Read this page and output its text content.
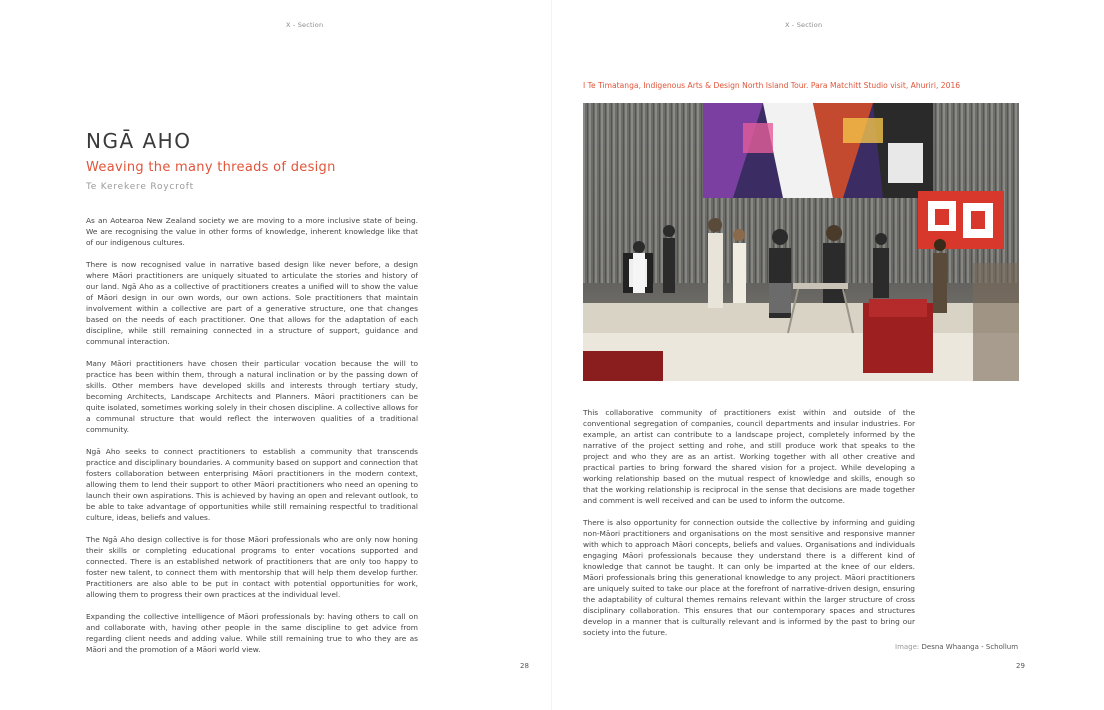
X - Section
NGĀ AHO
Weaving the many threads of design
Te Kerekere Roycroft

As an Aotearoa New Zealand society we are moving to a more inclusive state of being. We are recognising the value in other forms of knowledge, inherent knowledge like that of our indigenous cultures.

There is now recognised value in narrative based design like never before, a design where Māori practitioners are uniquely situated to articulate the stories and history of our land. Ngā Aho as a collective of practitioners creates a unified will to show the value of Māori design in our own words, our own actions. Sole practitioners that maintain involvement within a collective are part of a generative structure, one that changes based on the needs of each practitioner. One that allows for the adaptation of each discipline, while still remaining connected in a structure of support, guidance and communal interaction.

Many Māori practitioners have chosen their particular vocation because the will to practice has been within them, through a natural inclination or by the passing down of skills. Other members have developed skills and interests through tertiary study, becoming Architects, Landscape Architects and Planners. Māori practitioners can be quite isolated, sometimes working solely in their chosen discipline. A collective allows for a communal structure that would reflect the interwoven qualities of a traditional community.

Ngā Aho seeks to connect practitioners to establish a community that transcends practice and disciplinary boundaries. A community based on support and connection that fosters collaboration between enterprising Māori practitioners in the modern context, allowing them to lend their support to other Māori practitioners who need an opening to launch their own aspirations. This is achieved by having an open and relevant outlook, to be able to take advantage of opportunities while still remaining respectful to traditional culture, ideas, beliefs and values.

The Ngā Aho design collective is for those Māori professionals who are only now honing their skills or completing educational programs to enter vocations supported and connected. There is an established network of practitioners that are only too happy to foster new talent, to connect them with mentorship that will help them develop further. Practitioners are also able to be put in contact with potential opportunities for work, allowing them to progress their own practices at the individual level.

Expanding the collective intelligence of Māori professionals by: having others to call on and collaborate with, having other people in the same discipline to get advice from regarding client needs and adding value. While still remaining true to who they are as Māori and the promotion of a Māori world view.

28
X - Section
I Te Timatanga, Indigenous Arts & Design North Island Tour. Para Matchitt Studio visit, Ahuriri, 2016

This collaborative community of practitioners exist within and outside of the conventional segregation of companies, council departments and insular industries. For example, an artist can contribute to a landscape project, completely informed by the narrative of the project setting and rohe, and still produce work that speaks to the project and who they are as an artist. Working together with all other creative and practical parties to bring forward the shared vision for a project. While developing a working relationship based on the mutual respect of knowledge and skills, enough so that the working relationship is reciprocal in the sense that decisions are made together and comment is well received and can be used to inform the outcome.

There is also opportunity for connection outside the collective by informing and guiding non-Māori practitioners and organisations on the most sensitive and responsive manner with which to approach Māori concepts, beliefs and values. Organisations and individuals engaging Māori professionals because they understand there is a different kind of knowledge that cannot be taught. It can only be imparted at the knee of our elders. Māori professionals bring this generational knowledge to any project. Māori practitioners are uniquely suited to take our place at the forefront of narrative-driven design, ensuring the adaptability of cultural themes remains relevant within the larger structure of cross disciplinary collaboration. This ensures that our contemporary spaces and structures develop in a manner that is culturally relevant and is informed by the past to bring our society into the future.

Image: Desna Whaanga - Schollum
29
